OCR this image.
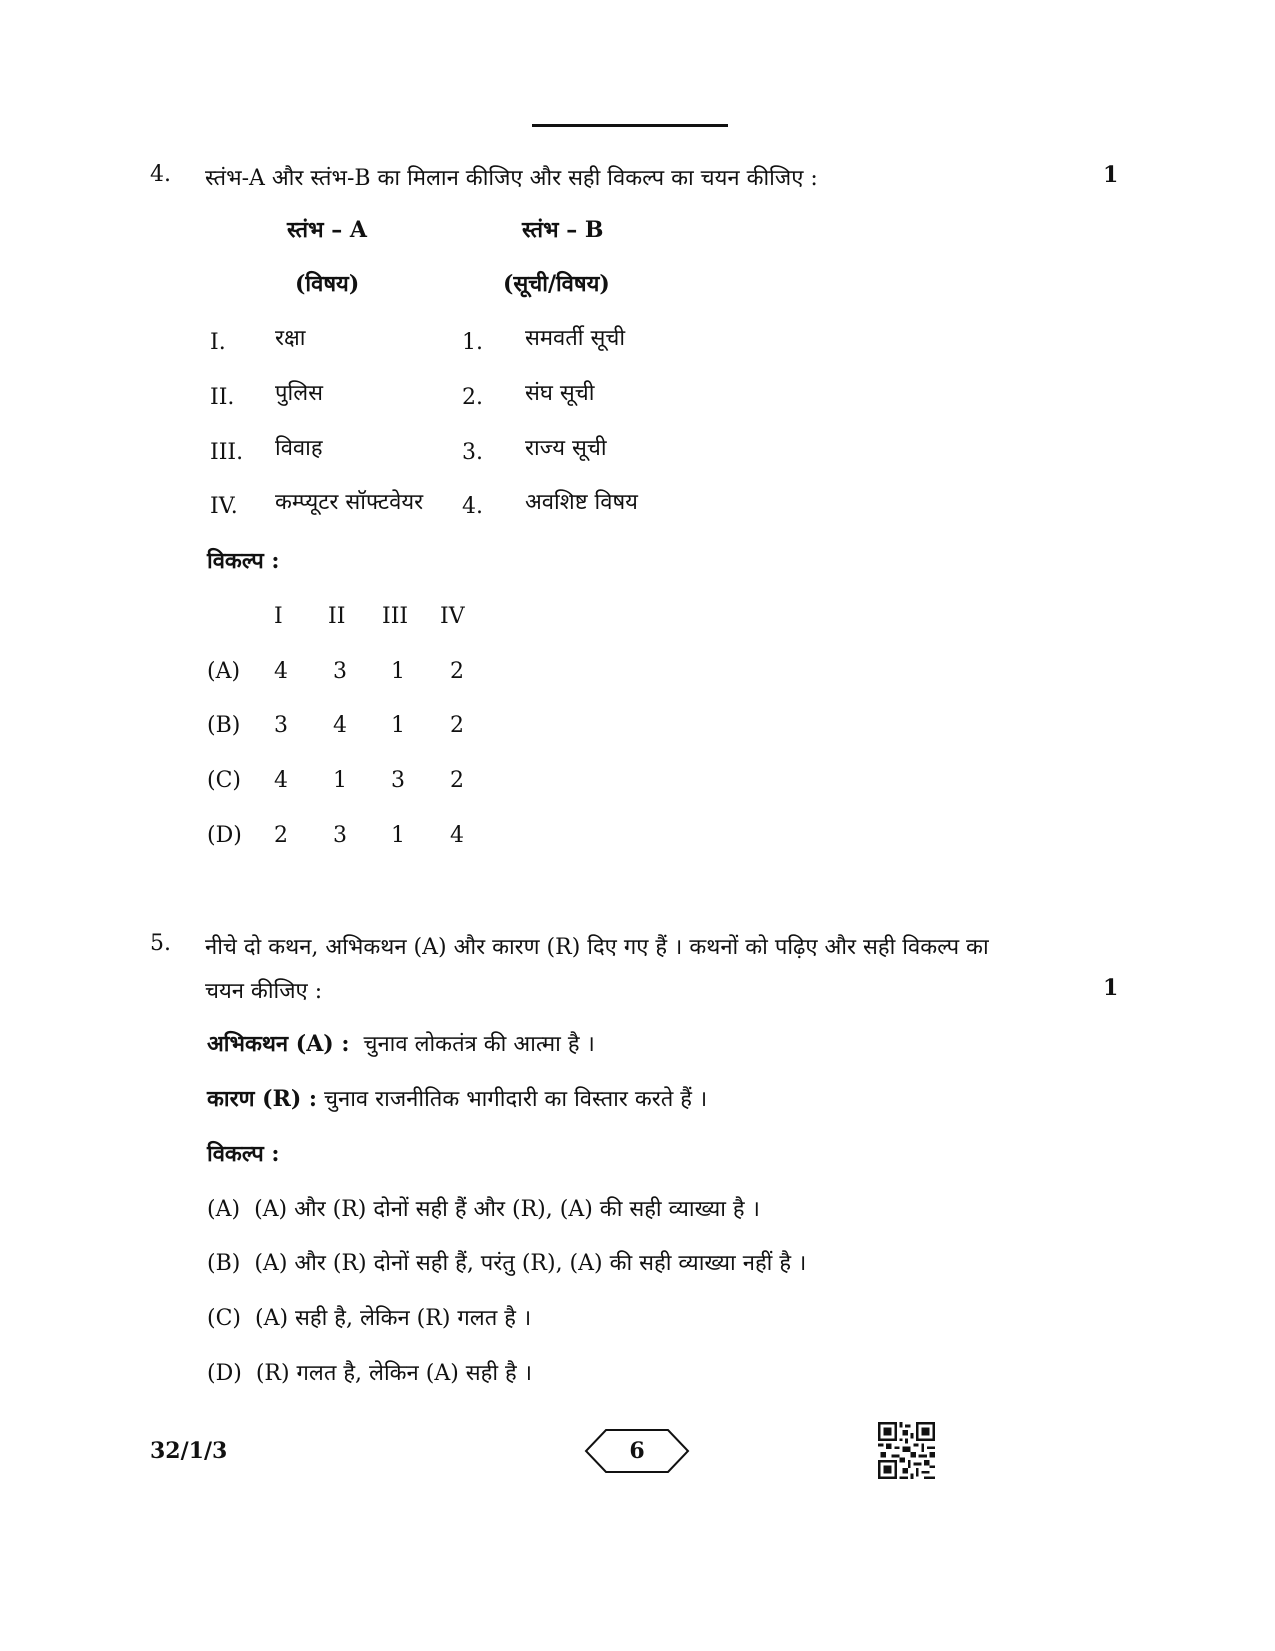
4. स्तंभ-A और स्तंभ-B का मिलान कीजिए और सही विकल्प का चयन कीजिए :	1
स्तंभ – A	स्तंभ – B
(विषय)	(सूची/विषय)
I. रक्षा	1. समवर्ती सूची
II. पुलिस	2. संघ सूची
III. विवाह	3. राज्य सूची
IV. कम्प्यूटर सॉफ्टवेयर 4. अवशिष्ट विषय
विकल्प :
I II III IV
(A) 4 3 1 2
(B) 3 4 1 2
(C) 4 1 3 2
(D) 2 3 1 4
5. नीचे दो कथन, अभिकथन (A) और कारण (R) दिए गए हैं । कथनों को पढ़िए और सही विकल्प का
चयन कीजिए :	1
अभिकथन (A) : चुनाव लोकतंत्र की आत्मा है ।
कारण (R) : चुनाव राजनीतिक भागीदारी का विस्तार करते हैं ।
विकल्प :
(A) (A) और (R) दोनों सही हैं और (R), (A) की सही व्याख्या है ।
(B) (A) और (R) दोनों सही हैं, परंतु (R), (A) की सही व्याख्या नहीं है ।
(C) (A) सही है, लेकिन (R) गलत है ।
(D) (R) गलत है, लेकिन (A) सही है ।
32/1/3	6
